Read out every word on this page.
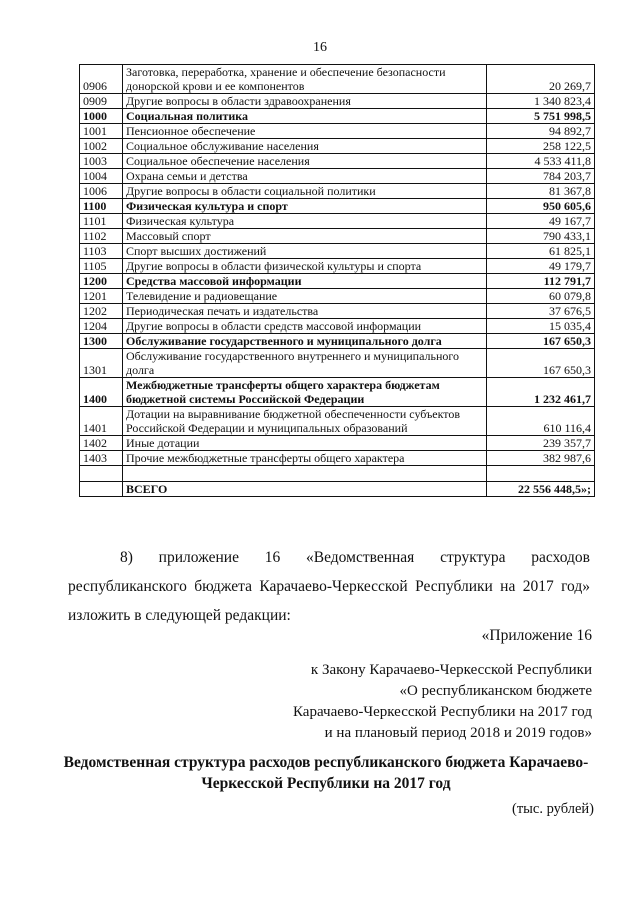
16
0906	Заготовка, переработка, хранение и обеспечение безопасности донорской крови и ее компонентов	20 269,7
0909	Другие вопросы в области здравоохранения	1 340 823,4
1000	Социальная политика	5 751 998,5
1001	Пенсионное обеспечение	94 892,7
1002	Социальное обслуживание населения	258 122,5
1003	Социальное обеспечение населения	4 533 411,8
1004	Охрана семьи и детства	784 203,7
1006	Другие вопросы в области социальной политики	81 367,8
1100	Физическая культура и спорт	950 605,6
1101	Физическая культура	49 167,7
1102	Массовый спорт	790 433,1
1103	Спорт высших достижений	61 825,1
1105	Другие вопросы в области физической культуры и спорта	49 179,7
1200	Средства массовой информации	112 791,7
1201	Телевидение и радиовещание	60 079,8
1202	Периодическая печать и издательства	37 676,5
1204	Другие вопросы в области средств массовой информации	15 035,4
1300	Обслуживание государственного и муниципального долга	167 650,3
1301	Обслуживание государственного внутреннего и муниципального долга	167 650,3
1400	Межбюджетные трансферты общего характера бюджетам бюджетной системы Российской Федерации	1 232 461,7
1401	Дотации на выравнивание бюджетной обеспеченности субъектов Российской Федерации и муниципальных образований	610 116,4
1402	Иные дотации	239 357,7
1403	Прочие межбюджетные трансферты общего характера	382 987,6

	ВСЕГО	22 556 448,5»;
8) приложение 16 «Ведомственная структура расходов республиканского бюджета Карачаево-Черкесской Республики на 2017 год» изложить в следующей редакции:
«Приложение 16
к Закону Карачаево-Черкесской Республики
«О республиканском бюджете
Карачаево-Черкесской Республики на 2017 год
и на плановый период 2018 и 2019 годов»
Ведомственная структура расходов республиканского бюджета Карачаево-Черкесской Республики на 2017 год
(тыс. рублей)
